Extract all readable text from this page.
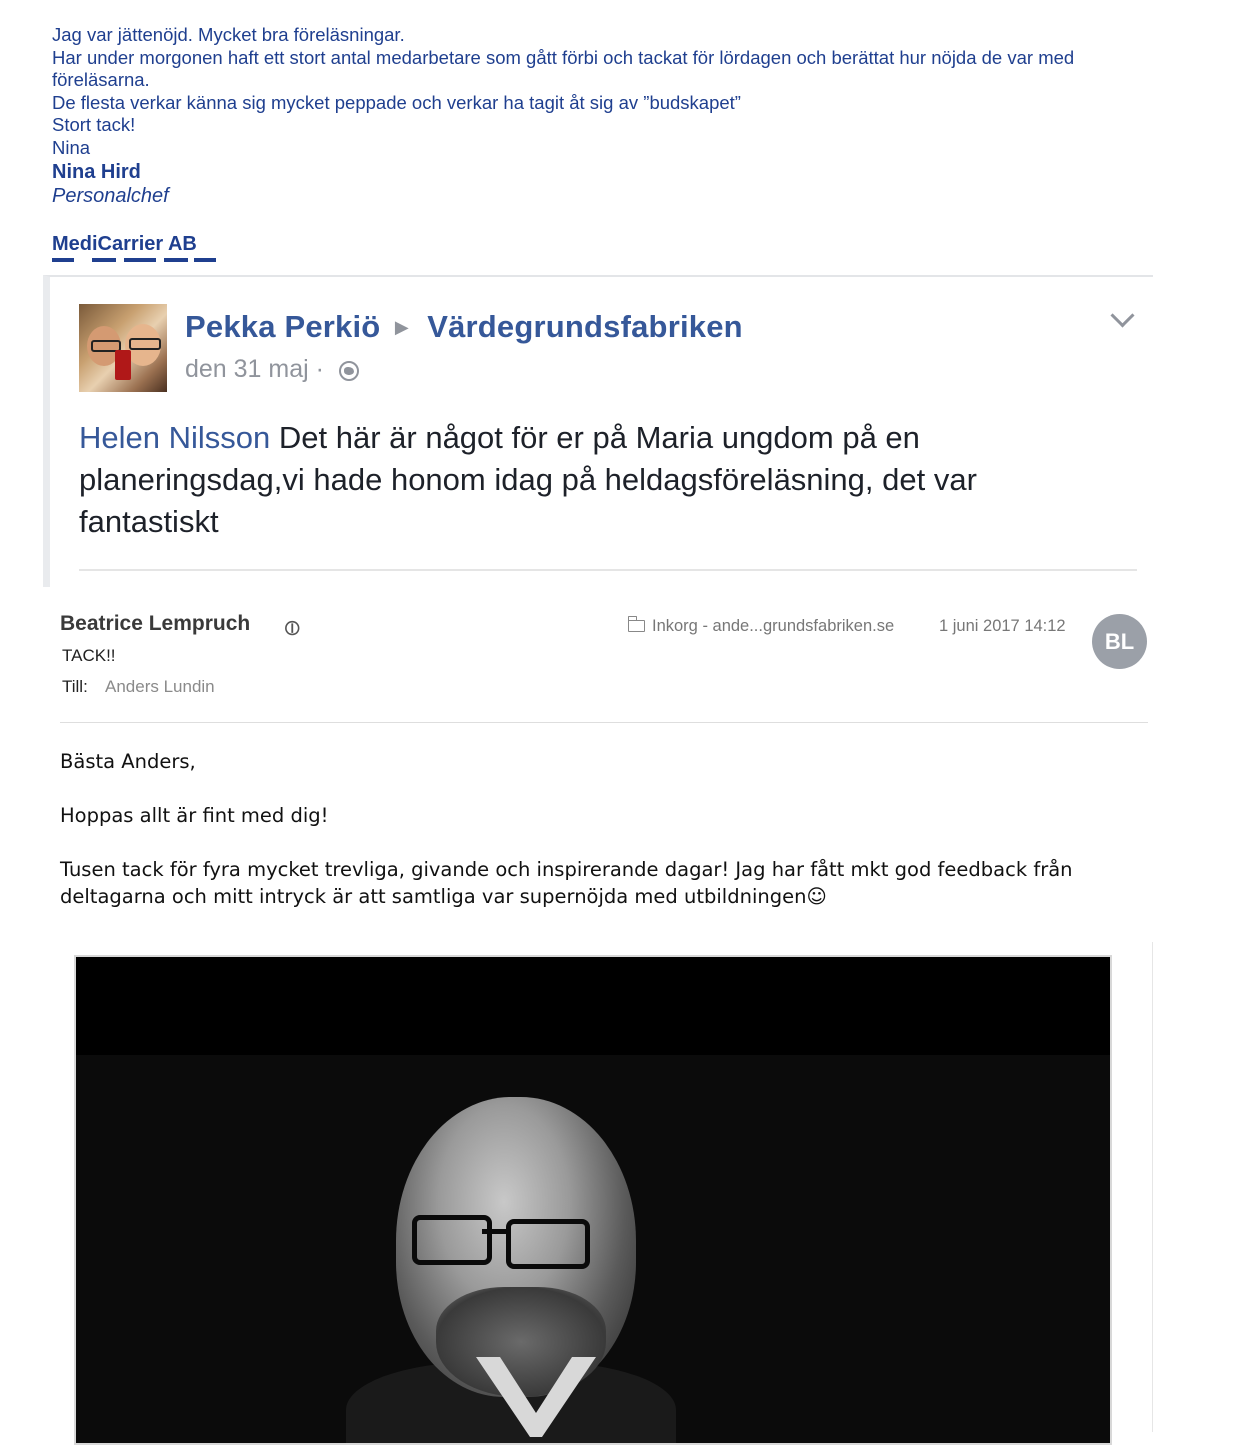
Jag var jättenöjd. Mycket bra föreläsningar.
Har under morgonen haft ett stort antal medarbetare som gått förbi och tackat för lördagen och berättat hur nöjda de var med föreläsarna.
De flesta verkar känna sig mycket peppade och verkar ha tagit åt sig av ”budskapet”
Stort tack!
Nina
Nina Hird
Personalchef
MediCarrier AB
Pekka Perkiö ▶ Värdegrundsfabriken
den 31 maj ·
Helen Nilsson Det här är något för er på Maria ungdom på en planeringsdag,vi hade honom idag på heldagsföreläsning, det var fantastiskt
Beatrice Lempruch ⊘
TACK!!
Till: Anders Lundin
Inkorg - ande...grundsfabriken.se	1 juni 2017 14:12
BL

Bästa Anders,

Hoppas allt är fint med dig!

Tusen tack för fyra mycket trevliga, givande och inspirerande dagar! Jag har fått mkt god feedback från deltagarna och mitt intryck är att samtliga var supernöjda med utbildningen☺
